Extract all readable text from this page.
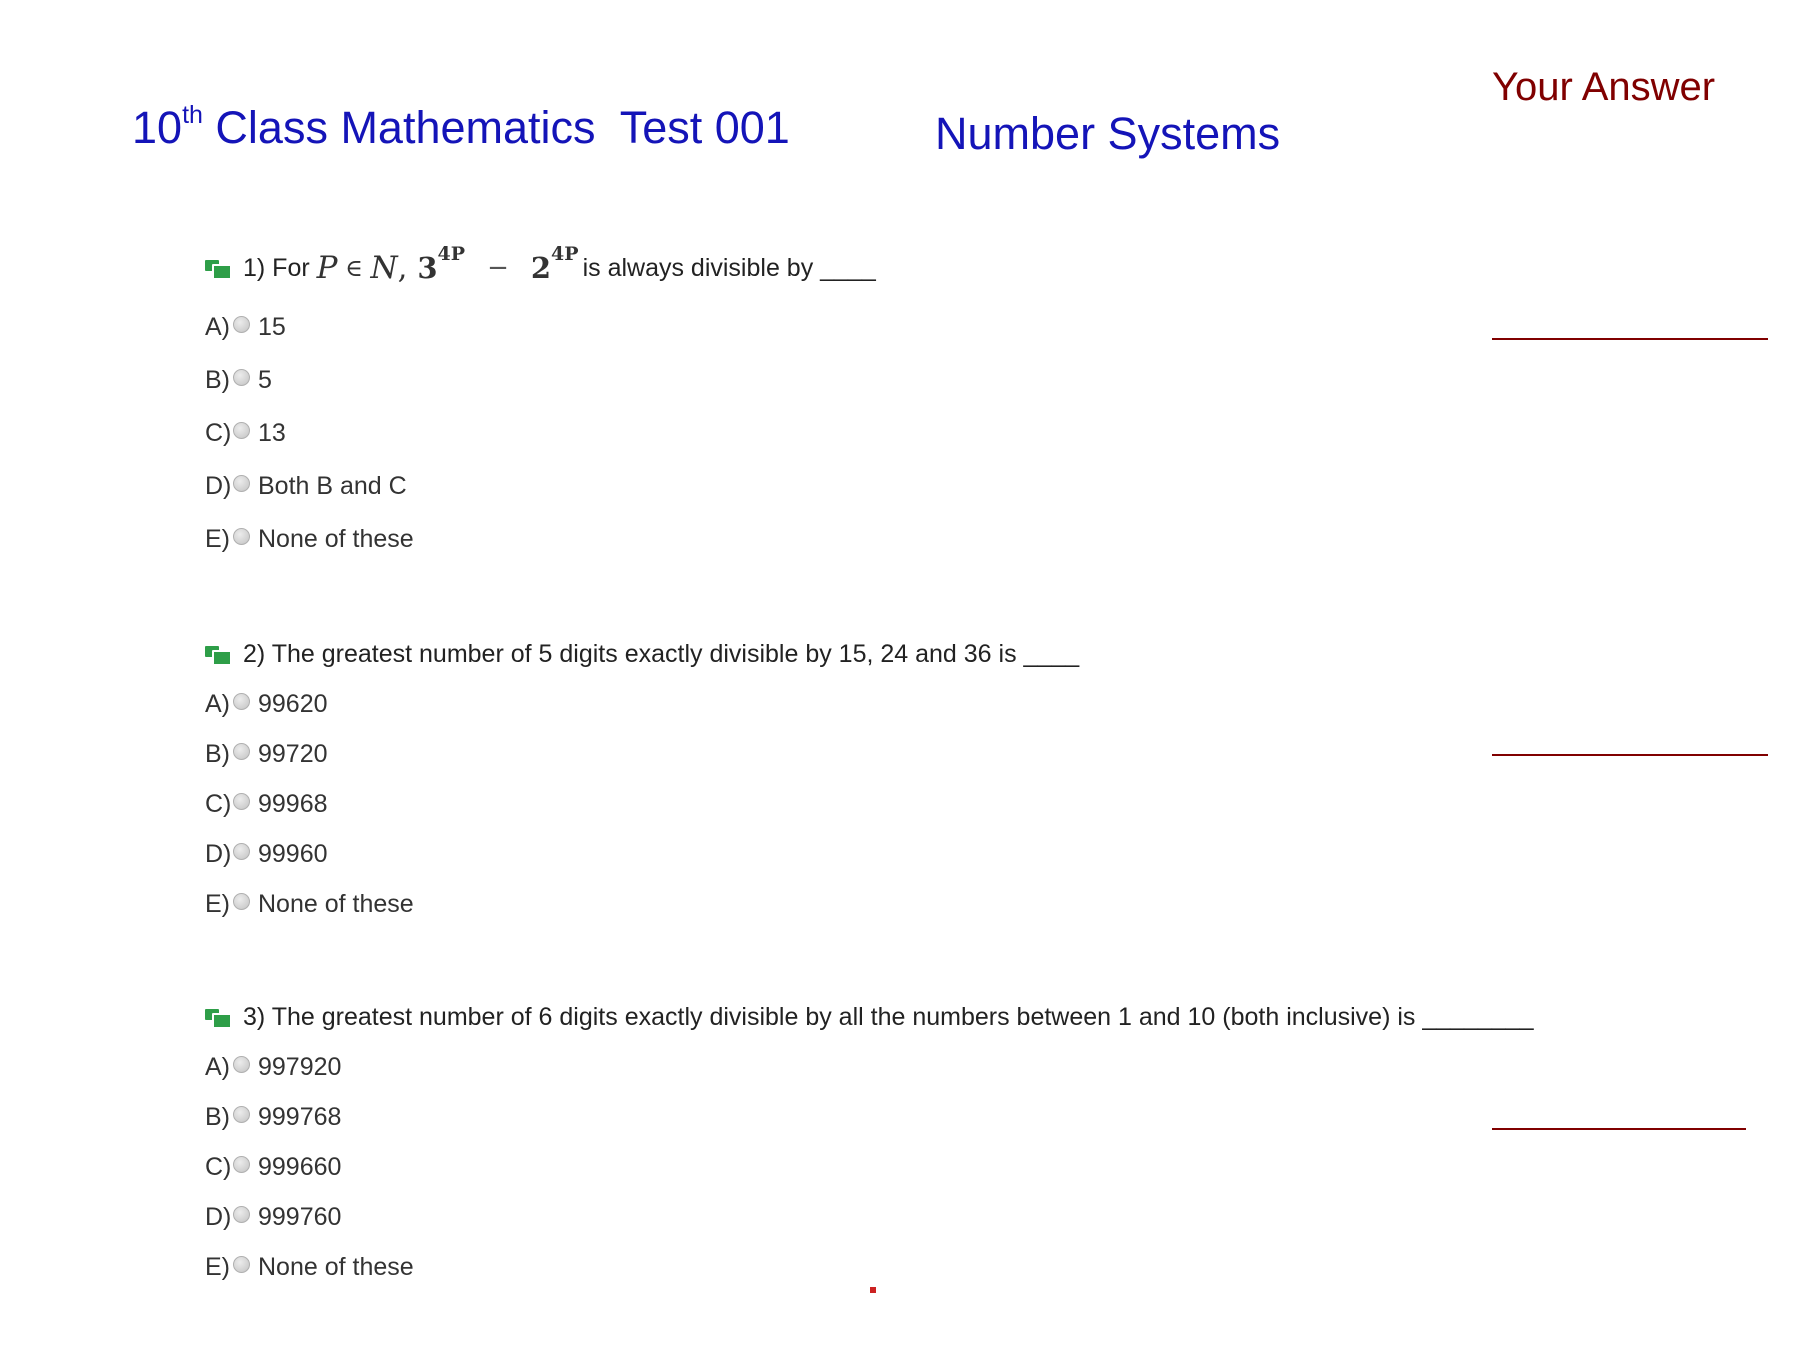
10th Class Mathematics  Test 001	Number Systems
Your Answer
1) For P ∈ N , 3 4P − 2 4P is always divisible by ____
A) 15
B) 5
C) 13
D) Both B and C
E) None of these
2) The greatest number of 5 digits exactly divisible by 15, 24 and 36 is ____
A) 99620
B) 99720
C) 99968
D) 99960
E) None of these
3) The greatest number of 6 digits exactly divisible by all the numbers between 1 and 10 (both inclusive) is ________
A) 997920
B) 999768
C) 999660
D) 999760
E) None of these
